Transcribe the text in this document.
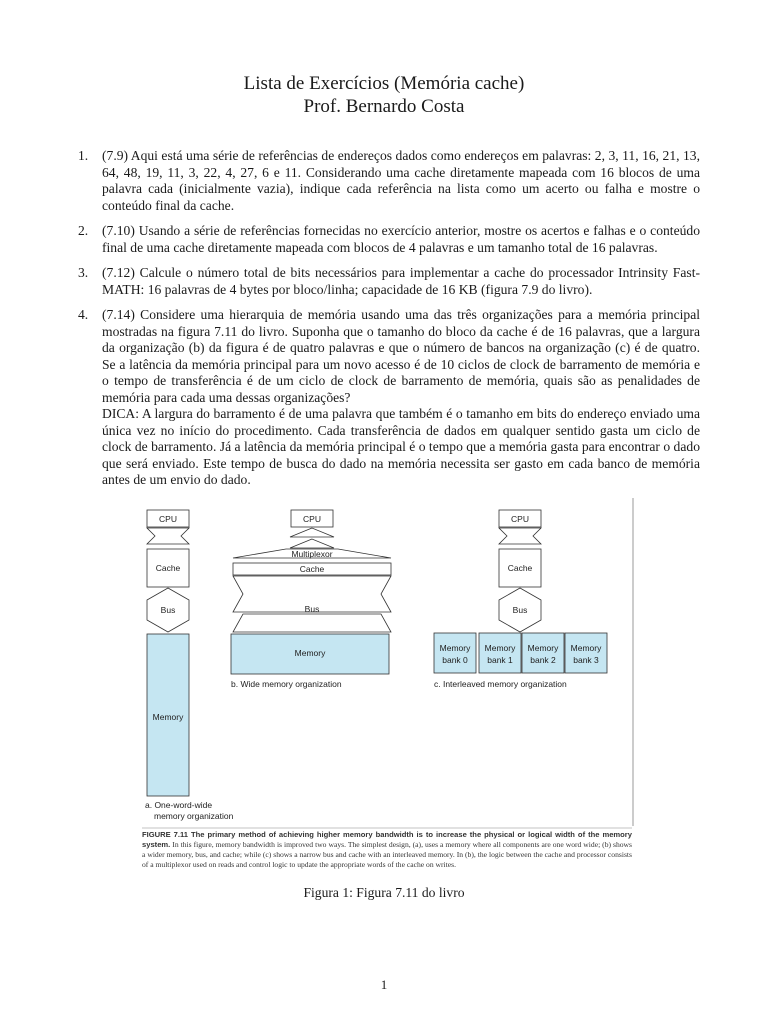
Lista de Exercícios (Memória cache)
Prof. Bernardo Costa
1.	(7.9) Aqui está uma série de referências de endereços dados como endereços em palavras: 2, 3, 11, 16, 21, 13, 64, 48, 19, 11, 3, 22, 4, 27, 6 e 11. Considerando uma cache diretamente mapeada com 16 blocos de uma palavra cada (inicialmente vazia), indique cada referência na lista como um acerto ou falha e mostre o conteúdo final da cache.
2.	(7.10) Usando a série de referências fornecidas no exercício anterior, mostre os acertos e falhas e o conteúdo final de uma cache diretamente mapeada com blocos de 4 palavras e um tamanho total de 16 palavras.
3.	(7.12) Calcule o número total de bits necessários para implementar a cache do processador Intrinsity Fast-MATH: 16 palavras de 4 bytes por bloco/linha; capacidade de 16 KB (figura 7.9 do livro).
4.	(7.14) Considere uma hierarquia de memória usando uma das três organizações para a memória principal mostradas na figura 7.11 do livro. Suponha que o tamanho do bloco da cache é de 16 palavras, que a largura da organização (b) da figura é de quatro palavras e que o número de bancos na organização (c) é de quatro. Se a latência da memória principal para um novo acesso é de 10 ciclos de clock de barramento de memória e o tempo de transferência é de um ciclo de clock de barramento de memória, quais são as penalidades de memória para cada uma dessas organizações?
DICA: A largura do barramento é de uma palavra que também é o tamanho em bits do endereço enviado uma única vez no início do procedimento. Cada transferência de dados em qualquer sentido gasta um ciclo de clock de barramento. Já a latência da memória principal é o tempo que a memória gasta para encontrar o dado que será enviado. Este tempo de busca do dado na memória necessita ser gasto em cada banco de memória antes de um envio do dado.
CPU
Cache
Bus
Memory
a. One-word-wide
memory organization
CPU
Multiplexor
Cache
Bus
Memory
b. Wide memory organization
CPU
Cache
Bus
Memory
bank 0
Memory
bank 1
Memory
bank 2
Memory
bank 3
c. Interleaved memory organization
FIGURE 7.11 The primary method of achieving higher memory bandwidth is to increase the physical or logical width of the memory system. In this figure, memory bandwidth is improved two ways. The simplest design, (a), uses a memory where all components are one word wide; (b) shows a wider memory, bus, and cache; while (c) shows a narrow bus and cache with an interleaved memory. In (b), the logic between the cache and processor consists of a multiplexor used on reads and control logic to update the appropriate words of the cache on writes.
Figura 1: Figura 7.11 do livro
1
